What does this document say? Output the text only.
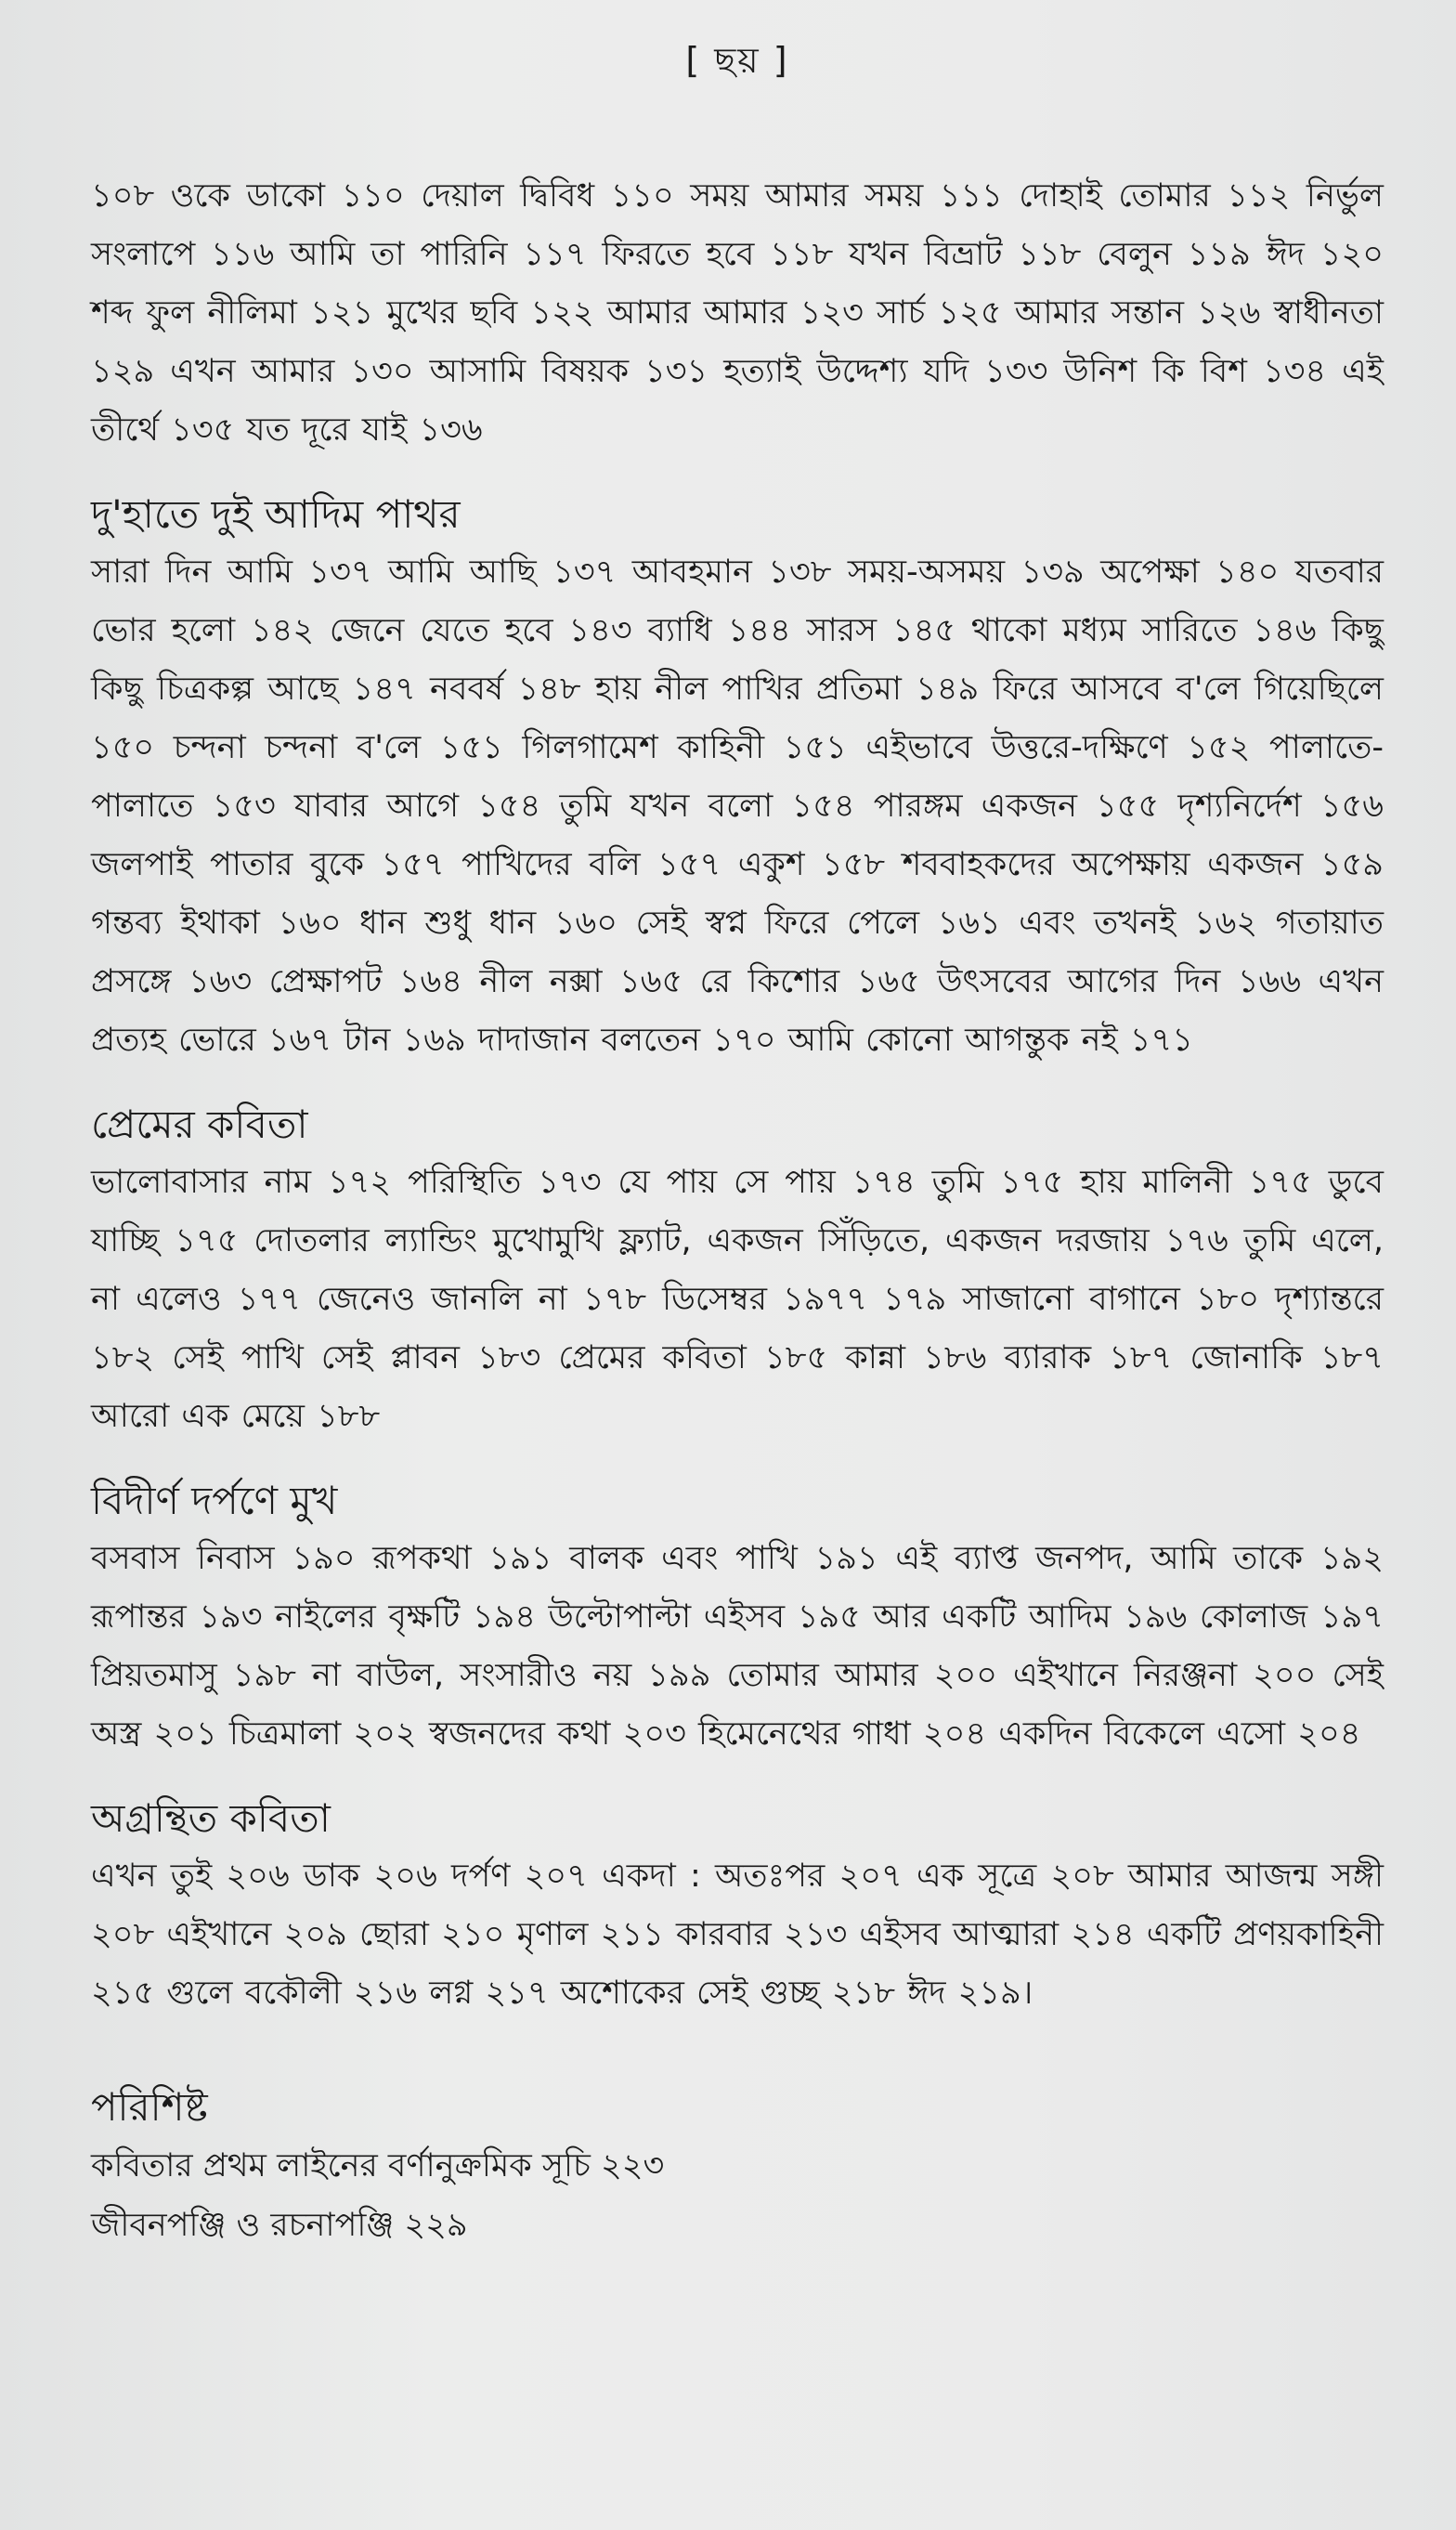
[ ছয় ]

১০৮ ওকে ডাকো ১১০ দেয়াল দ্বিবিধ ১১০ সময় আমার সময় ১১১ দোহাই তোমার ১১২ নির্ভুল সংলাপে ১১৬ আমি তা পারিনি ১১৭ ফিরতে হবে ১১৮ যখন বিভ্রাট ১১৮ বেলুন ১১৯ ঈদ ১২০ শব্দ ফুল নীলিমা ১২১ মুখের ছবি ১২২ আমার আমার ১২৩ সার্চ ১২৫ আমার সন্তান ১২৬ স্বাধীনতা ১২৯ এখন আমার ১৩০ আসামি বিষয়ক ১৩১ হত্যাই উদ্দেশ্য যদি ১৩৩ উনিশ কি বিশ ১৩৪ এই তীর্থে ১৩৫ যত দূরে যাই ১৩৬

দু'হাতে দুই আদিম পাথর

সারা দিন আমি ১৩৭ আমি আছি ১৩৭ আবহমান ১৩৮ সময়-অসময় ১৩৯ অপেক্ষা ১৪০ যতবার ভোর হলো ১৪২ জেনে যেতে হবে ১৪৩ ব্যাধি ১৪৪ সারস ১৪৫ থাকো মধ্যম সারিতে ১৪৬ কিছু কিছু চিত্রকল্প আছে ১৪৭ নববর্ষ ১৪৮ হায় নীল পাখির প্রতিমা ১৪৯ ফিরে আসবে ব'লে গিয়েছিলে ১৫০ চন্দনা চন্দনা ব'লে ১৫১ গিলগামেশ কাহিনী ১৫১ এইভাবে উত্তরে-দক্ষিণে ১৫২ পালাতে-পালাতে ১৫৩ যাবার আগে ১৫৪ তুমি যখন বলো ১৫৪ পারঙ্গম একজন ১৫৫ দৃশ্যনির্দেশ ১৫৬ জলপাই পাতার বুকে ১৫৭ পাখিদের বলি ১৫৭ একুশ ১৫৮ শববাহকদের অপেক্ষায় একজন ১৫৯ গন্তব্য ইথাকা ১৬০ ধান শুধু ধান ১৬০ সেই স্বপ্ন ফিরে পেলে ১৬১ এবং তখনই ১৬২ গতায়াত প্রসঙ্গে ১৬৩ প্রেক্ষাপট ১৬৪ নীল নক্সা ১৬৫ রে কিশোর ১৬৫ উৎসবের আগের দিন ১৬৬ এখন প্রত্যহ ভোরে ১৬৭ টান ১৬৯ দাদাজান বলতেন ১৭০ আমি কোনো আগন্তুক নই ১৭১

প্রেমের কবিতা

ভালোবাসার নাম ১৭২ পরিস্থিতি ১৭৩ যে পায় সে পায় ১৭৪ তুমি ১৭৫ হায় মালিনী ১৭৫ ডুবে যাচ্ছি ১৭৫ দোতলার ল্যান্ডিং মুখোমুখি ফ্ল্যাট, একজন সিঁড়িতে, একজন দরজায় ১৭৬ তুমি এলে, না এলেও ১৭৭ জেনেও জানলি না ১৭৮ ডিসেম্বর ১৯৭৭ ১৭৯ সাজানো বাগানে ১৮০ দৃশ্যান্তরে ১৮২ সেই পাখি সেই প্লাবন ১৮৩ প্রেমের কবিতা ১৮৫ কান্না ১৮৬ ব্যারাক ১৮৭ জোনাকি ১৮৭ আরো এক মেয়ে ১৮৮

বিদীর্ণ দর্পণে মুখ

বসবাস নিবাস ১৯০ রূপকথা ১৯১ বালক এবং পাখি ১৯১ এই ব্যাপ্ত জনপদ, আমি তাকে ১৯২ রূপান্তর ১৯৩ নাইলের বৃক্ষটি ১৯৪ উল্টোপাল্টা এইসব ১৯৫ আর একটি আদিম ১৯৬ কোলাজ ১৯৭ প্রিয়তমাসু ১৯৮ না বাউল, সংসারীও নয় ১৯৯ তোমার আমার ২০০ এইখানে নিরঞ্জনা ২০০ সেই অস্ত্র ২০১ চিত্রমালা ২০২ স্বজনদের কথা ২০৩ হিমেনেথের গাধা ২০৪ একদিন বিকেলে এসো ২০৪

অগ্রন্থিত কবিতা

এখন তুই ২০৬ ডাক ২০৬ দর্পণ ২০৭ একদা : অতঃপর ২০৭ এক সূত্রে ২০৮ আমার আজন্ম সঙ্গী ২০৮ এইখানে ২০৯ ছোরা ২১০ মৃণাল ২১১ কারবার ২১৩ এইসব আত্মারা ২১৪ একটি প্রণয়কাহিনী ২১৫ গুলে বকৌলী ২১৬ লগ্ন ২১৭ অশোকের সেই গুচ্ছ ২১৮ ঈদ ২১৯।

পরিশিষ্ট

কবিতার প্রথম লাইনের বর্ণানুক্রমিক সূচি ২২৩

জীবনপঞ্জি ও রচনাপঞ্জি ২২৯
